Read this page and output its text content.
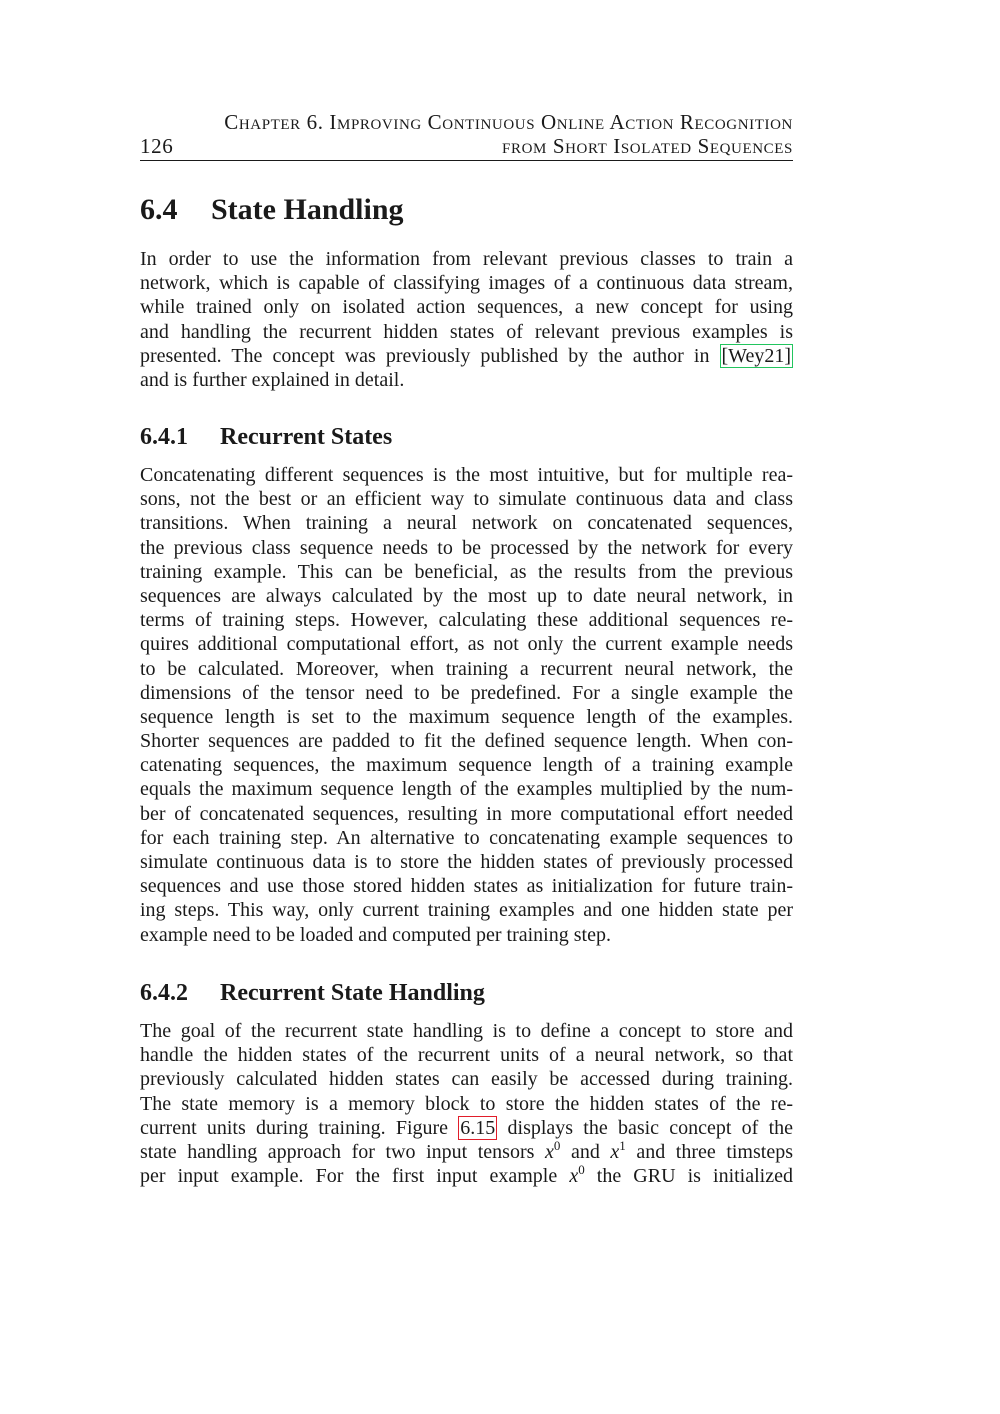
Chapter 6. Improving Continuous Online Action Recognition
126	from Short Isolated Sequences
6.4 State Handling
In order to use the information from relevant previous classes to train a
network, which is capable of classifying images of a continuous data stream,
while trained only on isolated action sequences, a new concept for using
and handling the recurrent hidden states of relevant previous examples is
presented. The concept was previously published by the author in [Wey21]
and is further explained in detail.
6.4.1 Recurrent States
Concatenating different sequences is the most intuitive, but for multiple rea-
sons, not the best or an efficient way to simulate continuous data and class
transitions. When training a neural network on concatenated sequences,
the previous class sequence needs to be processed by the network for every
training example. This can be beneficial, as the results from the previous
sequences are always calculated by the most up to date neural network, in
terms of training steps. However, calculating these additional sequences re-
quires additional computational effort, as not only the current example needs
to be calculated. Moreover, when training a recurrent neural network, the
dimensions of the tensor need to be predefined. For a single example the
sequence length is set to the maximum sequence length of the examples.
Shorter sequences are padded to fit the defined sequence length. When con-
catenating sequences, the maximum sequence length of a training example
equals the maximum sequence length of the examples multiplied by the num-
ber of concatenated sequences, resulting in more computational effort needed
for each training step. An alternative to concatenating example sequences to
simulate continuous data is to store the hidden states of previously processed
sequences and use those stored hidden states as initialization for future train-
ing steps. This way, only current training examples and one hidden state per
example need to be loaded and computed per training step.
6.4.2 Recurrent State Handling
The goal of the recurrent state handling is to define a concept to store and
handle the hidden states of the recurrent units of a neural network, so that
previously calculated hidden states can easily be accessed during training.
The state memory is a memory block to store the hidden states of the re-
current units during training. Figure 6.15 displays the basic concept of the
state handling approach for two input tensors $x^0$ and $x^1$ and three timsteps
per input example. For the first input example $x^0$ the GRU is initialized
